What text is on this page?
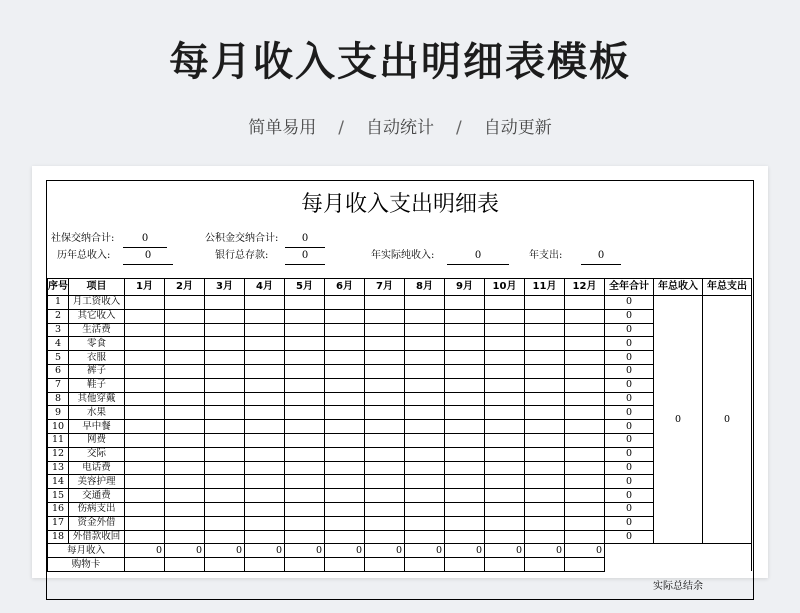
每月收入支出明细表模板
简单易用 / 自动统计 / 自动更新
每月收入支出明细表
社保交纳合计:	0	公积金交纳合计:	0
历年总收入:	0	银行总存款:	0	年实际纯收入:	0	年支出:	0
序号	项目	1月	2月	3月	4月	5月	6月	7月	8月	9月	10月	11月	12月	全年合计	年总收入	年总支出
1	月工资收入													0	0	0
2	其它收入													0		
3	生活费													0		
4	零食													0		
5	衣服													0		
6	裤子													0		
7	鞋子													0		
8	其他穿戴													0		
9	水果													0		
10	早中餐													0		
11	网费													0		
12	交际													0		
13	电话费													0		
14	美容护理													0		
15	交通费													0		
16	伤病支出													0		
17	资金外借													0		
18	外借款收回													0		
每月收入		0	0	0	0	0	0	0	0	0	0	0	0			
购物卡																
实际总结余
